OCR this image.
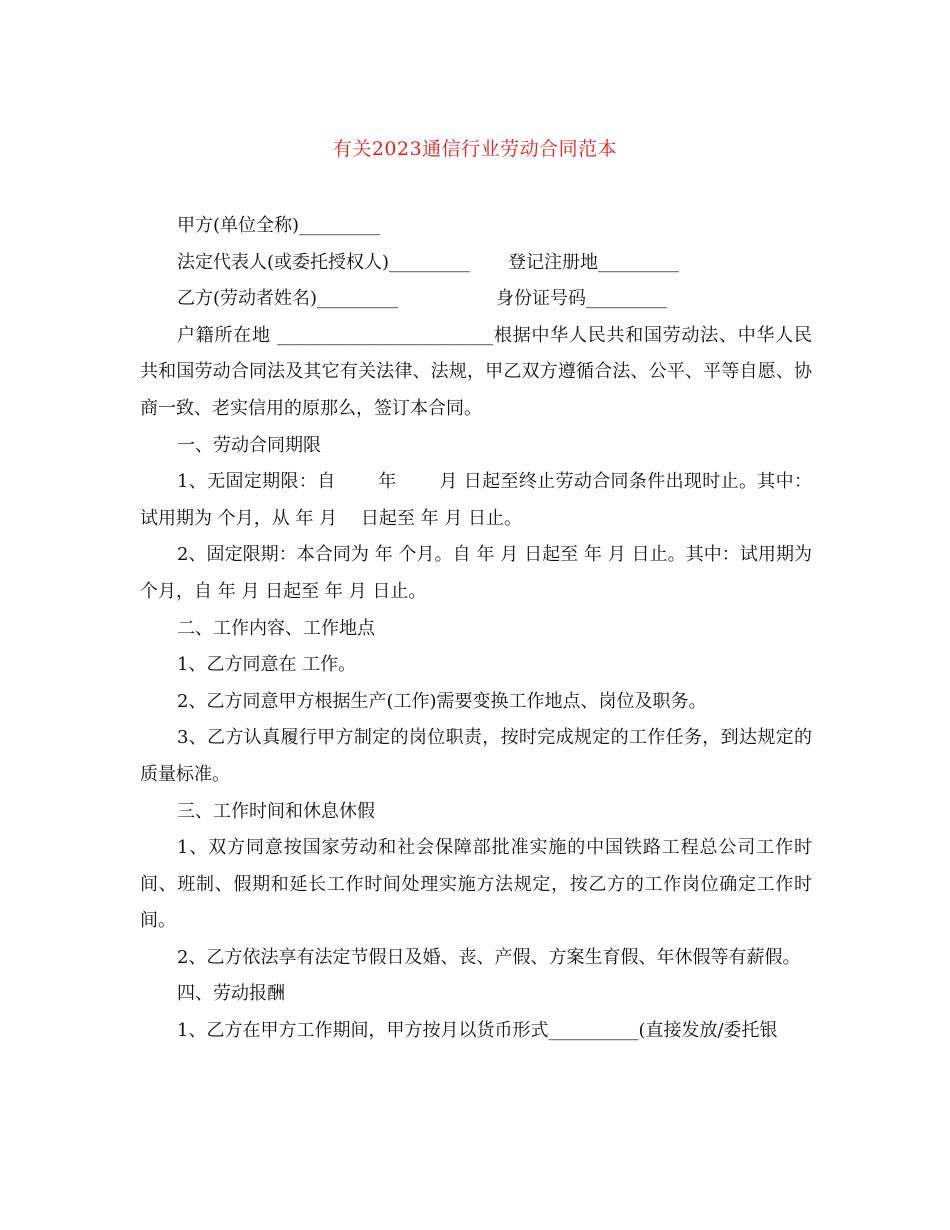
有关2023通信行业劳动合同范本
甲方(单位全称)_________
法定代表人(或委托授权人)_________ 登记注册地_________
乙方(劳动者姓名)_________	身份证号码_________

户籍所在地 ________________________根据中华人民共和国劳动法、中华人民共和国劳动合同法及其它有关法律、法规，甲乙双方遵循合法、公平、平等自愿、协商一致、老实信用的原那么，签订本合同。

一、劳动合同期限

1、无固定期限：自　　 年　　 月 日起至终止劳动合同条件出现时止。其中：试用期为 个月，从 年 月　 日起至 年 月 日止。

2、固定限期：本合同为 年 个月。自 年 月 日起至 年 月 日止。其中：试用期为 个月，自 年 月 日起至 年 月 日止。

二、工作内容、工作地点

1、乙方同意在 工作。

2、乙方同意甲方根据生产(工作)需要变换工作地点、岗位及职务。

3、乙方认真履行甲方制定的岗位职责，按时完成规定的工作任务，到达规定的质量标准。

三、工作时间和休息休假

1、双方同意按国家劳动和社会保障部批准实施的中国铁路工程总公司工作时间、班制、假期和延长工作时间处理实施方法规定，按乙方的工作岗位确定工作时间。

2、乙方依法享有法定节假日及婚、丧、产假、方案生育假、年休假等有薪假。

四、劳动报酬

1、乙方在甲方工作期间，甲方按月以货币形式__________(直接发放/委托银
